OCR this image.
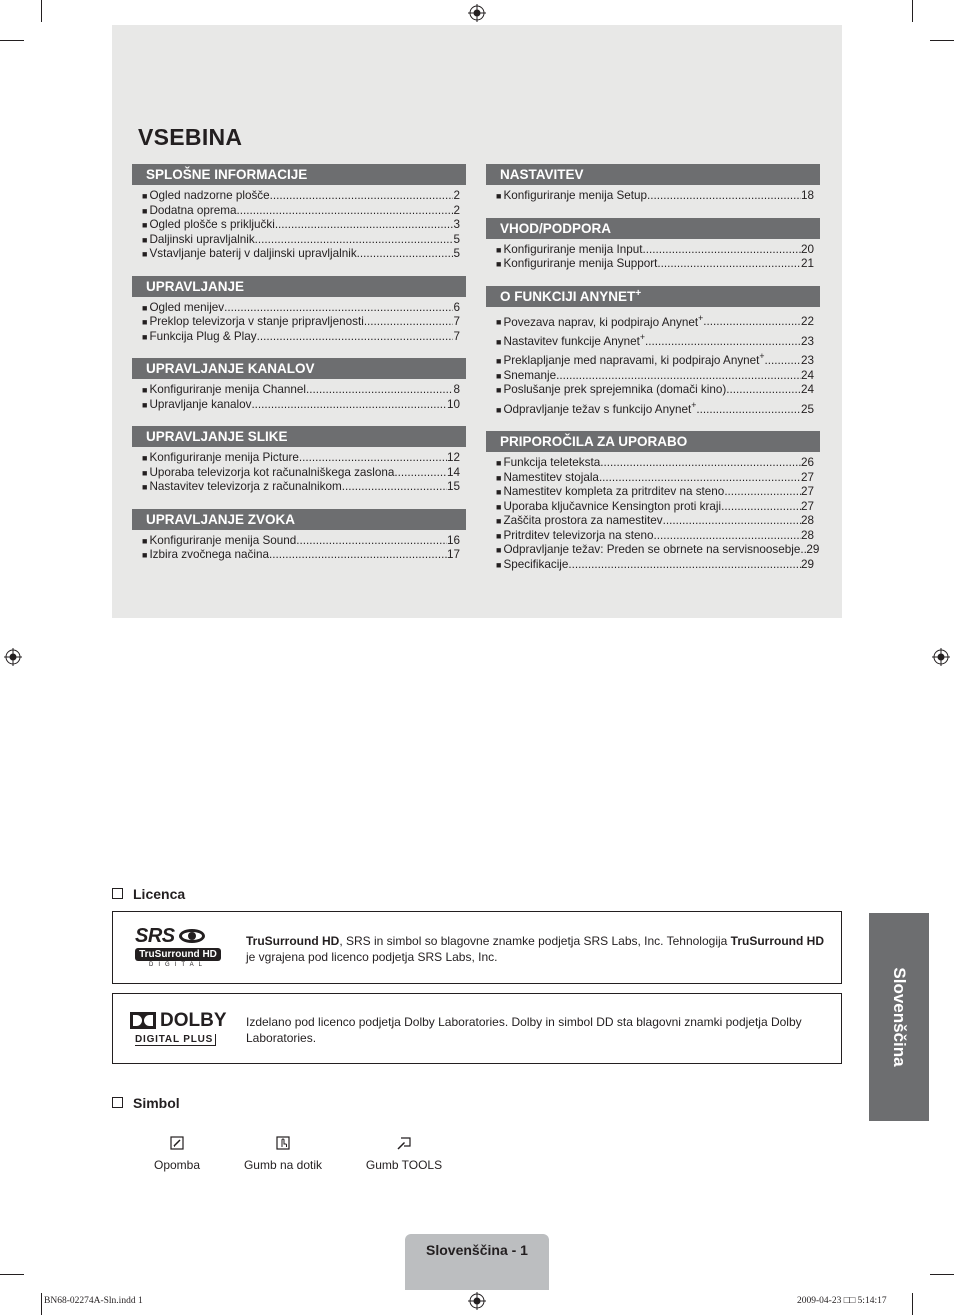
VSEBINA
SPLOŠNE INFORMACIJE
■ Ogled nadzorne plošče .....	2
■ Dodatna oprema .....	2
■ Ogled plošče s priključki .....	3
■ Daljinski upravljalnik .....	5
■ Vstavljanje baterij v daljinski upravljalnik .....	5
UPRAVLJANJE
■ Ogled menijev .....	6
■ Preklop televizorja v stanje pripravljenosti .....	7
■ Funkcija Plug & Play .....	7
UPRAVLJANJE KANALOV
■ Konfiguriranje menija Channel .....	8
■ Upravljanje kanalov .....	10
UPRAVLJANJE SLIKE
■ Konfiguriranje menija Picture .....	12
■ Uporaba televizorja kot računalniškega zaslona .....	14
■ Nastavitev televizorja z računalnikom .....	15
UPRAVLJANJE ZVOKA
■ Konfiguriranje menija Sound .....	16
■ Izbira zvočnega načina .....	17
NASTAVITEV
■ Konfiguriranje menija Setup .....	18
VHOD/PODPORA
■ Konfiguriranje menija Input .....	20
■ Konfiguriranje menija Support .....	21
O FUNKCIJI ANYNET+
■ Povezava naprav, ki podpirajo Anynet+ .....	22
■ Nastavitev funkcije Anynet+ .....	23
■ Preklapljanje med napravami, ki podpirajo Anynet+ .....	23
■ Snemanje .....	24
■ Poslušanje prek sprejemnika (domači kino) .....	24
■ Odpravljanje težav s funkcijo Anynet+ .....	25
PRIPOROČILA ZA UPORABO
■ Funkcija teleteksta .....	26
■ Namestitev stojala .....	27
■ Namestitev kompleta za pritrditev na steno .....	27
■ Uporaba ključavnice Kensington proti kraji .....	27
■ Zaščita prostora za namestitev .....	28
■ Pritrditev televizorja na steno .....	28
■ Odpravljanje težav: Preden se obrnete na servisnoosebje ..... 29
■ Specifikacije .....	29
Licenca
SRS
TruSurround HD
DIGITAL
TruSurround HD, SRS in simbol so blagovne znamke podjetja SRS Labs, Inc. Tehnologija TruSurround HD
je vgrajena pod licenco podjetja SRS Labs, Inc.
DOLBY
DIGITAL PLUS
Izdelano pod licenco podjetja Dolby Laboratories. Dolby in simbol DD sta blagovni znamki podjetja Dolby Laboratories.
Simbol
Opomba	Gumb na dotik	Gumb TOOLS
Slovenščina
Slovenščina - 1
BN68-02274A-Sln.indd 1	2009-04-23 □□ 5:14:17
